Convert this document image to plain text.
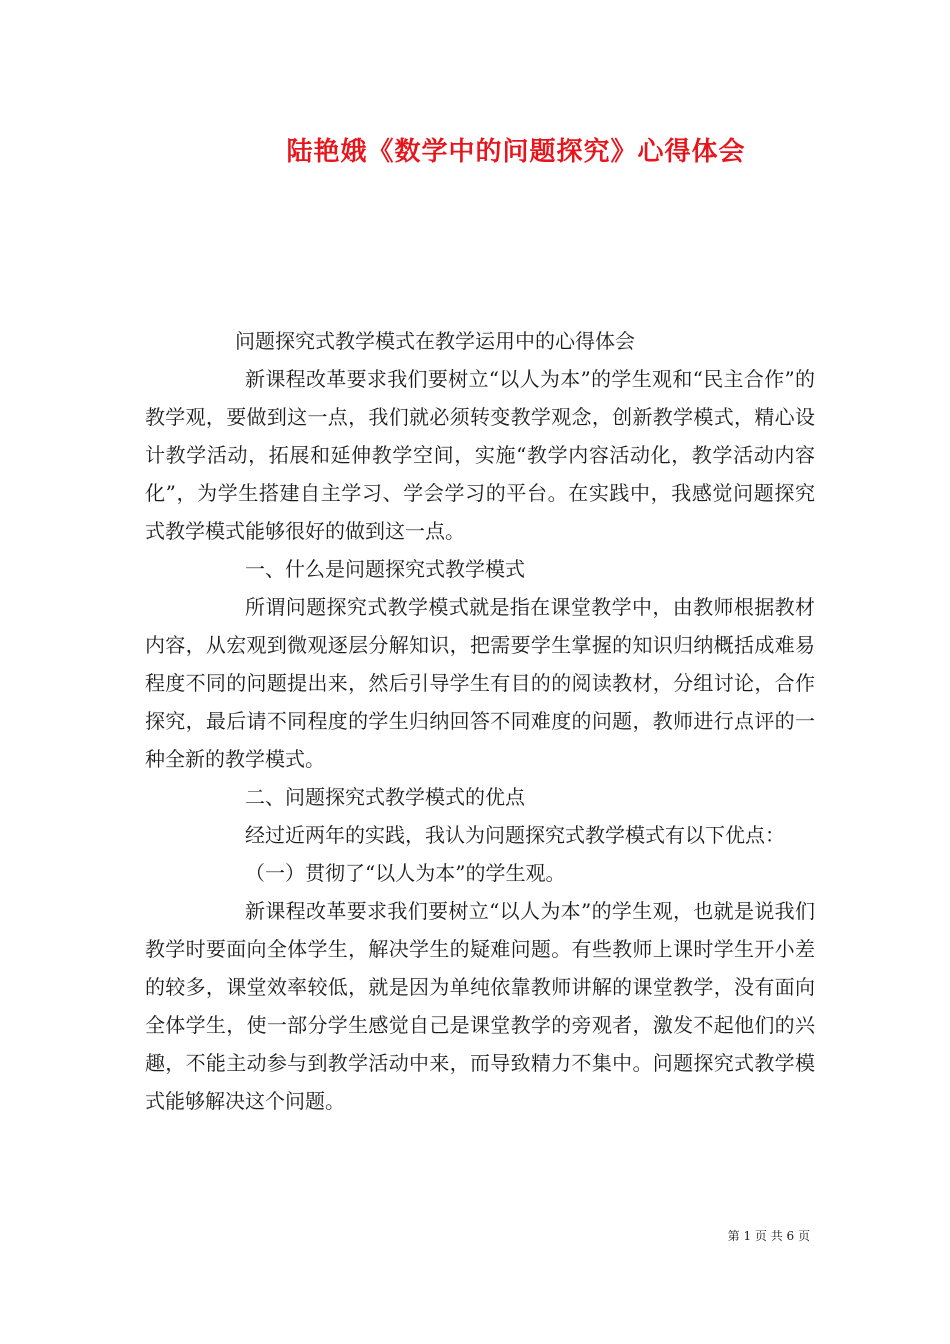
陆艳娥《数学中的问题探究》心得体会

问题探究式教学模式在教学运用中的心得体会

新课程改革要求我们要树立“以人为本”的学生观和“民主合作”的教学观，要做到这一点，我们就必须转变教学观念，创新教学模式，精心设计教学活动，拓展和延伸教学空间，实施“教学内容活动化，教学活动内容化”，为学生搭建自主学习、学会学习的平台。在实践中，我感觉问题探究式教学模式能够很好的做到这一点。

一、什么是问题探究式教学模式

所谓问题探究式教学模式就是指在课堂教学中，由教师根据教材内容，从宏观到微观逐层分解知识，把需要学生掌握的知识归纳概括成难易程度不同的问题提出来，然后引导学生有目的的阅读教材，分组讨论，合作探究，最后请不同程度的学生归纳回答不同难度的问题，教师进行点评的一种全新的教学模式。

二、问题探究式教学模式的优点

经过近两年的实践，我认为问题探究式教学模式有以下优点：

（一）贯彻了“以人为本”的学生观。

新课程改革要求我们要树立“以人为本”的学生观，也就是说我们教学时要面向全体学生，解决学生的疑难问题。有些教师上课时学生开小差的较多，课堂效率较低，就是因为单纯依靠教师讲解的课堂教学，没有面向全体学生，使一部分学生感觉自己是课堂教学的旁观者，激发不起他们的兴趣，不能主动参与到教学活动中来，而导致精力不集中。问题探究式教学模式能够解决这个问题。

第 1 页 共 6 页
